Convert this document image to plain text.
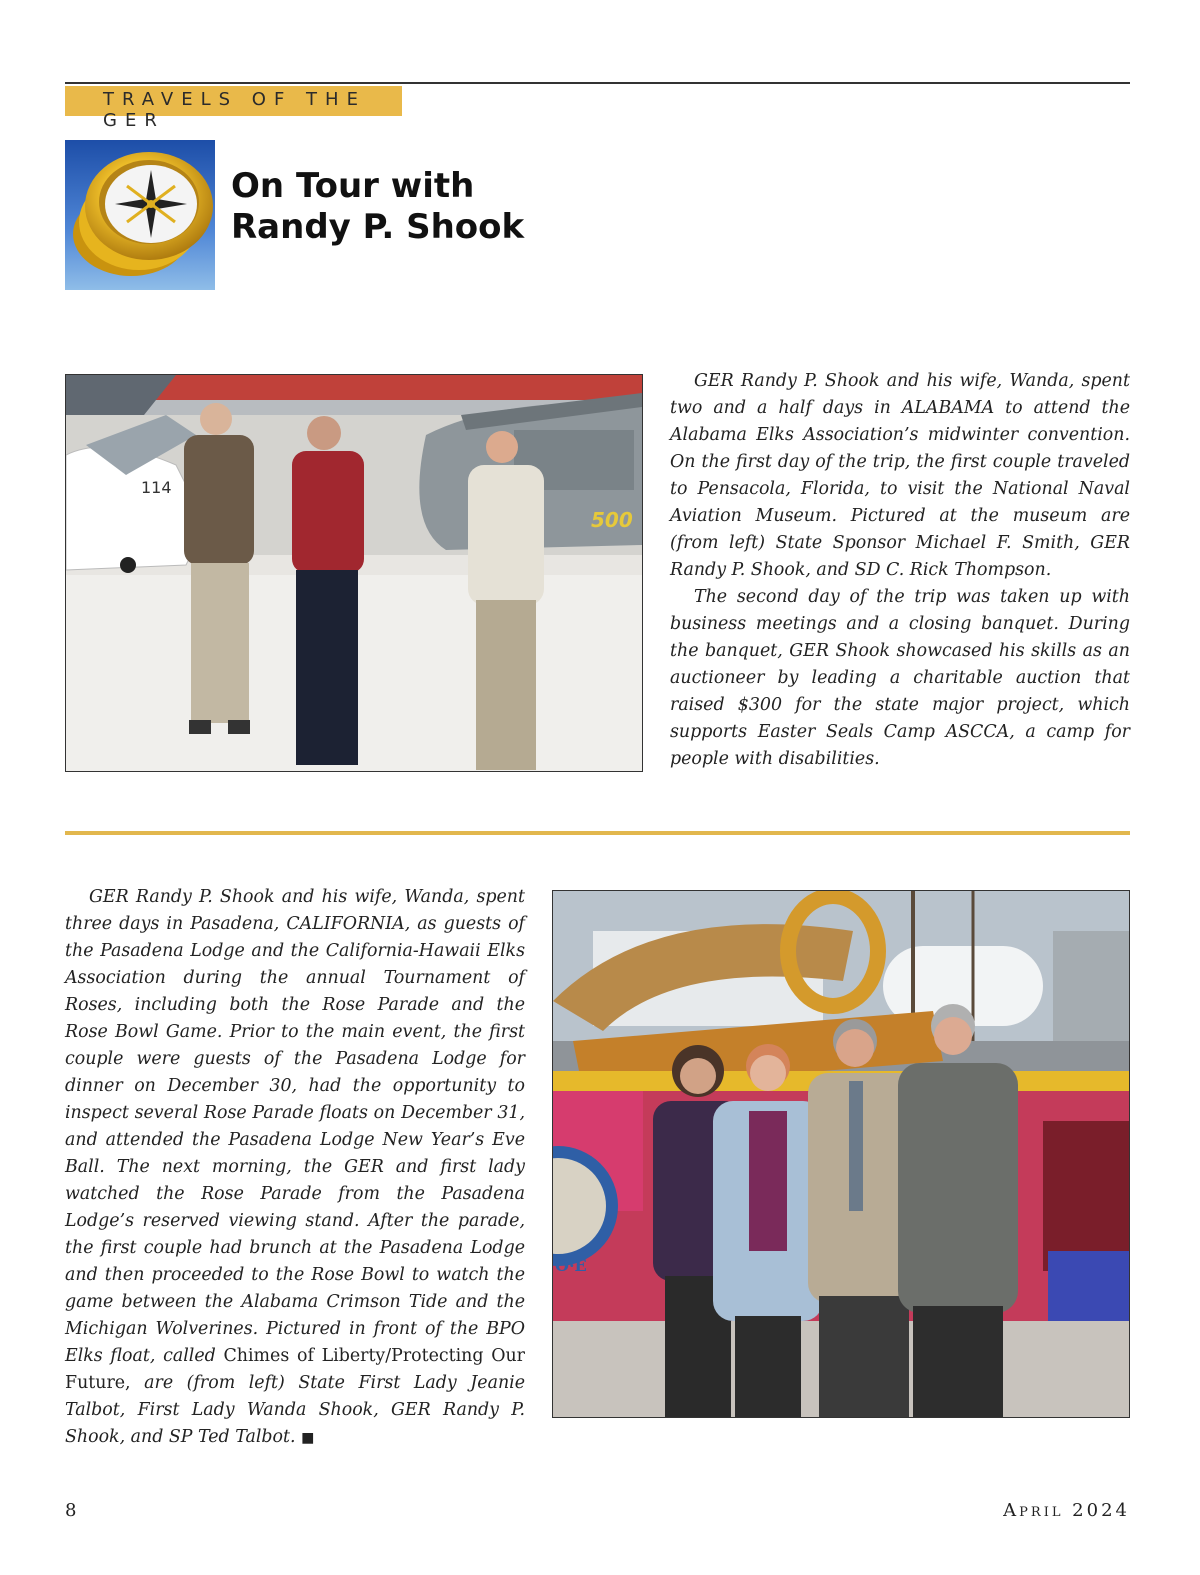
TRAVELS OF THE GER
On Tour with
Randy P. Shook
114
500

GER Randy P. Shook and his wife, Wanda, spent two and a half days in ALABAMA to attend the Alabama Elks Association’s midwinter convention. On the first day of the trip, the first couple traveled to Pensacola, Florida, to visit the National Naval Aviation Museum. Pictured at the museum are (from left) State Sponsor Michael F. Smith, GER Randy P. Shook, and SD C. Rick Thompson.

The second day of the trip was taken up with business meetings and a closing banquet. During the banquet, GER Shook showcased his skills as an auctioneer by leading a charitable auction that raised $300 for the state major project, which supports Easter Seals Camp ASCCA, a camp for people with disabilities.

GER Randy P. Shook and his wife, Wanda, spent three days in Pasadena, CALIFORNIA, as guests of the Pasadena Lodge and the California-Hawaii Elks Association during the annual Tournament of Roses, including both the Rose Parade and the Rose Bowl Game. Prior to the main event, the first couple were guests of the Pasadena Lodge for dinner on December 30, had the opportunity to inspect several Rose Parade floats on December 31, and attended the Pasadena Lodge New Year’s Eve Ball. The next morning, the GER and first lady watched the Rose Parade from the Pasadena Lodge’s reserved viewing stand. After the parade, the first couple had brunch at the Pasadena Lodge and then proceeded to the Rose Bowl to watch the game between the Alabama Crimson Tide and the Michigan Wolverines. Pictured in front of the BPO Elks float, called Chimes of Liberty/Protecting Our Future, are (from left) State First Lady Jeanie Talbot, First Lady Wanda Shook, GER Randy P. Shook, and SP Ted Talbot. ■

O·E
8	April 2024
